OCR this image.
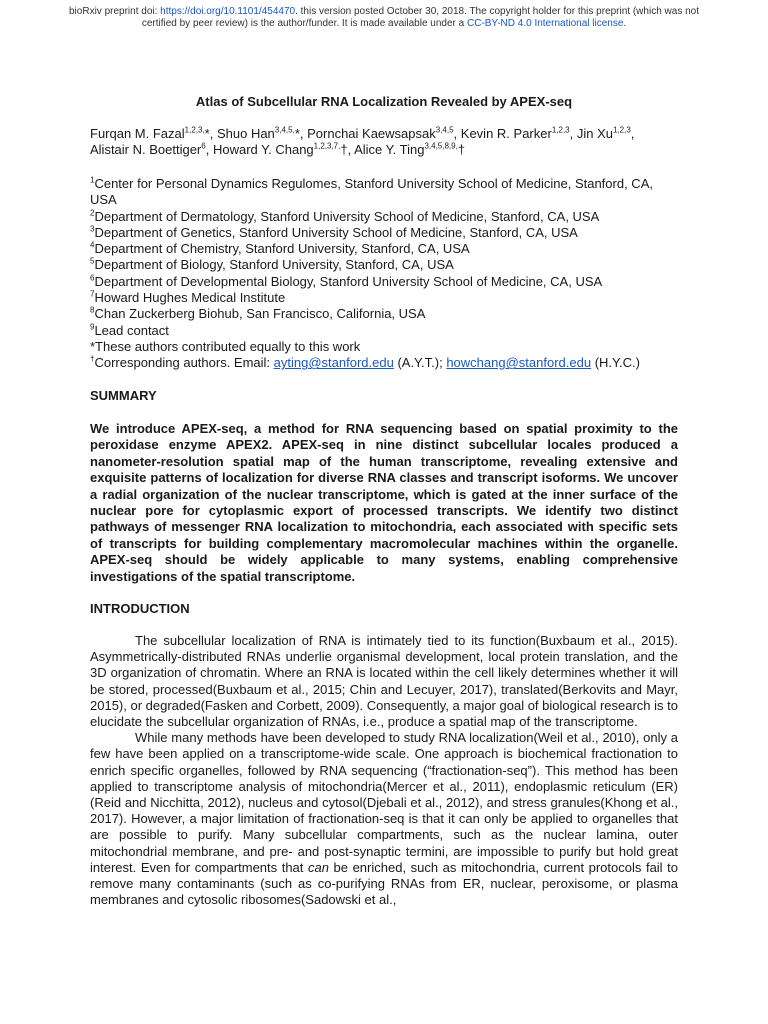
bioRxiv preprint doi: https://doi.org/10.1101/454470. this version posted October 30, 2018. The copyright holder for this preprint (which was not certified by peer review) is the author/funder. It is made available under a CC-BY-ND 4.0 International license.
Atlas of Subcellular RNA Localization Revealed by APEX-seq
Furqan M. Fazal$^{1,2,3,}$*, Shuo Han$^{3,4,5,}$*, Pornchai Kaewsapsak$^{3,4,5}$, Kevin R. Parker$^{1,2,3}$, Jin Xu$^{1,2,3}$,
Alistair N. Boettiger$^6$, Howard Y. Chang$^{1,2,3,7,}$†, Alice Y. Ting$^{3,4,5,8,9,}$†
$^1$Center for Personal Dynamics Regulomes, Stanford University School of Medicine, Stanford, CA, USA
$^2$Department of Dermatology, Stanford University School of Medicine, Stanford, CA, USA
$^3$Department of Genetics, Stanford University School of Medicine, Stanford, CA, USA
$^4$Department of Chemistry, Stanford University, Stanford, CA, USA
$^5$Department of Biology, Stanford University, Stanford, CA, USA
$^6$Department of Developmental Biology, Stanford University School of Medicine, CA, USA
$^7$Howard Hughes Medical Institute
$^8$Chan Zuckerberg Biohub, San Francisco, California, USA
$^9$Lead contact
*These authors contributed equally to this work
†Corresponding authors. Email: ayting@stanford.edu (A.Y.T.); howchang@stanford.edu (H.Y.C.)
SUMMARY
We introduce APEX-seq, a method for RNA sequencing based on spatial proximity to the peroxidase enzyme APEX2. APEX-seq in nine distinct subcellular locales produced a nanometer-resolution spatial map of the human transcriptome, revealing extensive and exquisite patterns of localization for diverse RNA classes and transcript isoforms. We uncover a radial organization of the nuclear transcriptome, which is gated at the inner surface of the nuclear pore for cytoplasmic export of processed transcripts. We identify two distinct pathways of messenger RNA localization to mitochondria, each associated with specific sets of transcripts for building complementary macromolecular machines within the organelle. APEX-seq should be widely applicable to many systems, enabling comprehensive investigations of the spatial transcriptome.
INTRODUCTION

The subcellular localization of RNA is intimately tied to its function(Buxbaum et al., 2015). Asymmetrically-distributed RNAs underlie organismal development, local protein translation, and the 3D organization of chromatin. Where an RNA is located within the cell likely determines whether it will be stored, processed(Buxbaum et al., 2015; Chin and Lecuyer, 2017), translated(Berkovits and Mayr, 2015), or degraded(Fasken and Corbett, 2009). Consequently, a major goal of biological research is to elucidate the subcellular organization of RNAs, i.e., produce a spatial map of the transcriptome.

While many methods have been developed to study RNA localization(Weil et al., 2010), only a few have been applied on a transcriptome-wide scale. One approach is biochemical fractionation to enrich specific organelles, followed by RNA sequencing (“fractionation-seq”). This method has been applied to transcriptome analysis of mitochondria(Mercer et al., 2011), endoplasmic reticulum (ER)(Reid and Nicchitta, 2012), nucleus and cytosol(Djebali et al., 2012), and stress granules(Khong et al., 2017). However, a major limitation of fractionation-seq is that it can only be applied to organelles that are possible to purify. Many subcellular compartments, such as the nuclear lamina, outer mitochondrial membrane, and pre- and post-synaptic termini, are impossible to purify but hold great interest. Even for compartments that can be enriched, such as mitochondria, current protocols fail to remove many contaminants (such as co-purifying RNAs from ER, nuclear, peroxisome, or plasma membranes and cytosolic ribosomes(Sadowski et al.,
